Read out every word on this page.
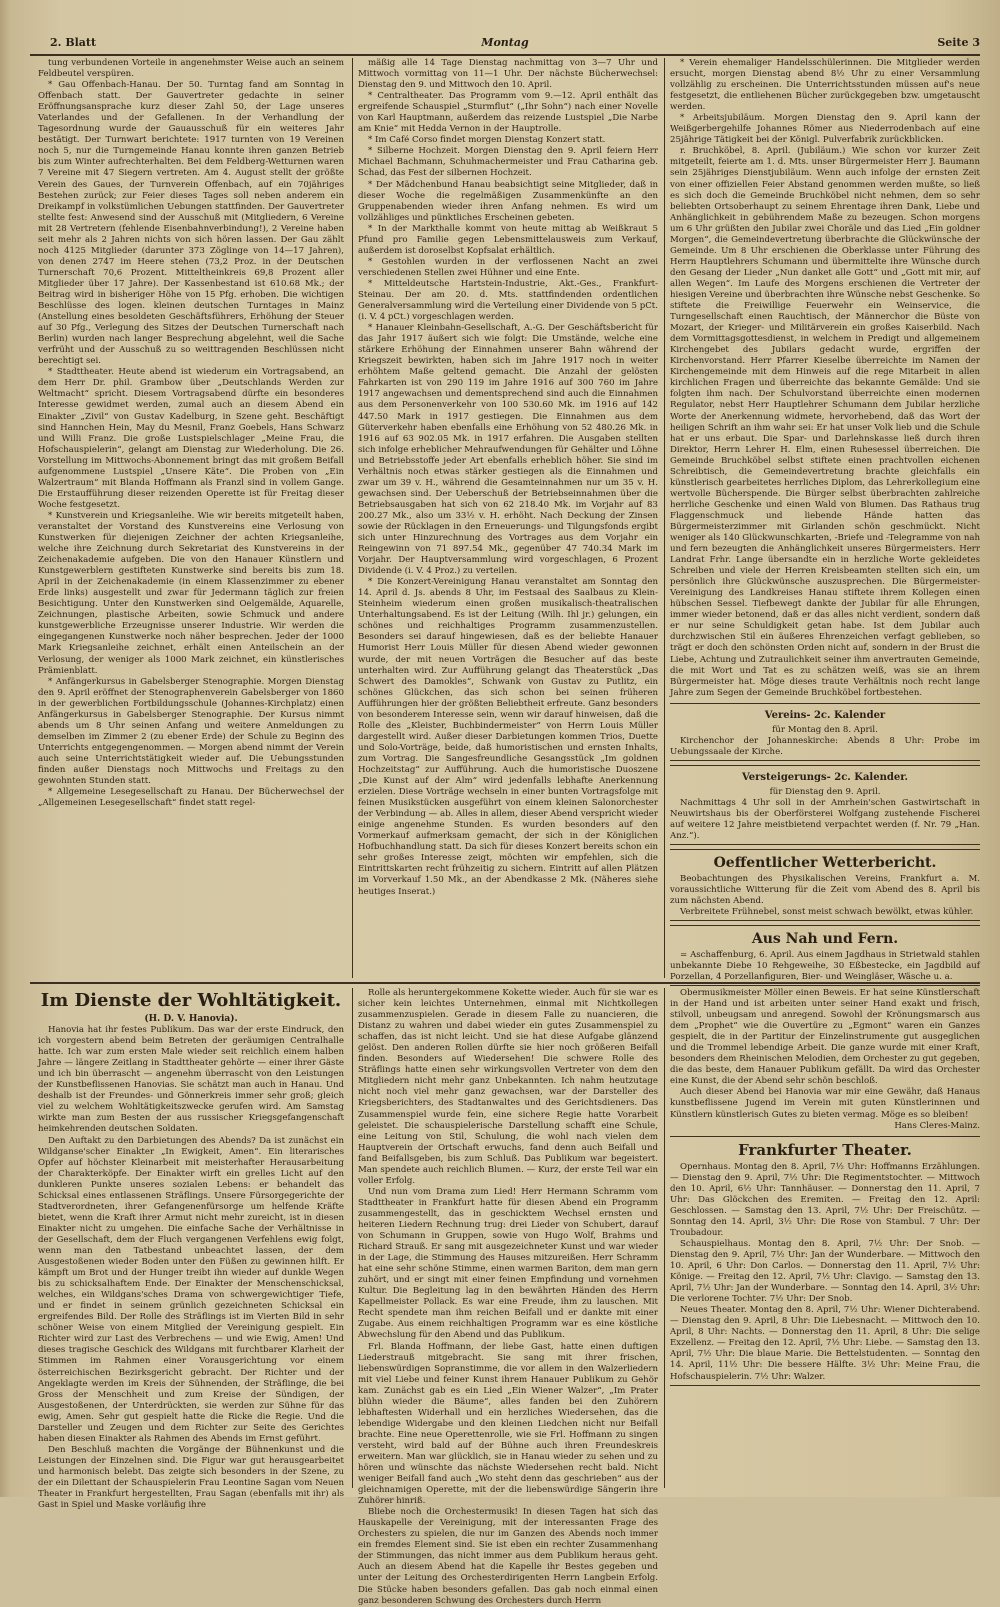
2. Blatt	Montag	Seite 3

tung verbundenen Vorteile in angenehmster Weise auch an seinem Feldbeutel verspüren.

* Gau Offenbach-Hanau. Der 50. Turntag fand am Sonntag in Offenbach statt. Der Gauvertreter gedachte in seiner Eröffnungsansprache kurz dieser Zahl 50, der Lage unseres Vaterlandes und der Gefallenen. In der Verhandlung der Tagesordnung wurde der Gauausschuß für ein weiteres Jahr bestätigt. Der Turnwart berichtete: 1917 turnten von 19 Vereinen noch 5, nur die Turngemeinde Hanau konnte ihren ganzen Betrieb bis zum Winter aufrechterhalten. Bei dem Feldberg-Wetturnen waren 7 Vereine mit 47 Siegern vertreten. Am 4. August stellt der größte Verein des Gaues, der Turnverein Offenbach, auf ein 70jähriges Bestehen zurück; zur Feier dieses Tages soll neben anderem ein Dreikampf in volkstümlichen Uebungen stattfinden. Der Gauvertreter stellte fest: Anwesend sind der Ausschuß mit (Mitgliedern, 6 Vereine mit 28 Vertretern (fehlende Eisenbahnverbindung!), 2 Vereine haben seit mehr als 2 Jahren nichts von sich hören lassen. Der Gau zählt noch 4125 Mitglieder (darunter 373 Zöglinge von 14—17 Jahren), von denen 2747 im Heere stehen (73,2 Proz. in der Deutschen Turnerschaft 70,6 Prozent. Mitteltheinkreis 69,8 Prozent aller Mitglieder über 17 Jahre). Der Kassenbestand ist 610.68 Mk.; der Beitrag wird in bisheriger Höhe von 15 Pfg. erhoben. Die wichtigen Beschlüsse des logen. kleinen deutschen Turntages in Mainz (Anstellung eines besoldeten Geschäftsführers, Erhöhung der Steuer auf 30 Pfg., Verlegung des Sitzes der Deutschen Turnerschaft nach Berlin) wurden nach langer Besprechung abgelehnt, weil die Sache verfrüht und der Ausschuß zu so weittragenden Beschlüssen nicht berechtigt sei.

* Stadttheater. Heute abend ist wiederum ein Vortragsabend, an dem Herr Dr. phil. Grambow über „Deutschlands Werden zur Weltmacht“ spricht. Diesem Vortragsabend dürfte ein besonderes Interesse gewidmet werden, zumal auch an diesem Abend ein Einakter „Zivil“ von Gustav Kadelburg, in Szene geht. Beschäftigt sind Hannchen Hein, May du Mesnil, Franz Goebels, Hans Schwarz und Willi Franz. Die große Lustspielschlager „Meine Frau, die Hofschauspielerin“, gelangt am Dienstag zur Wiederholung. Die 26. Vorstellung im Mittwochs-Abonnement bringt das mit großem Beifall aufgenommene Lustspiel „Unsere Käte“. Die Proben von „Ein Walzertraum“ mit Blanda Hoffmann als Franzl sind in vollem Gange. Die Erstaufführung dieser reizenden Operette ist für Freitag dieser Woche festgesetzt.

* Kunstverein und Kriegsanleihe. Wie wir bereits mitgeteilt haben, veranstaltet der Vorstand des Kunstvereins eine Verlosung von Kunstwerken für diejenigen Zeichner der achten Kriegsanleihe, welche ihre Zeichnung durch Sekretariat des Kunstvereins in der Zeichenakademie aufgeben. Die von den Hanauer Künstlern und Kunstgewerblern gestifteten Kunstwerke sind bereits bis zum 18. April in der Zeichenakademie (in einem Klassenzimmer zu ebener Erde links) ausgestellt und zwar für Jedermann täglich zur freien Besichtigung. Unter den Kunstwerken sind Oelgemälde, Aquarelle, Zeichnungen, plastische Arbeiten, sowie Schmuck und andere kunstgewerbliche Erzeugnisse unserer Industrie. Wir werden die eingegangenen Kunstwerke noch näher besprechen. Jeder der 1000 Mark Kriegsanleihe zeichnet, erhält einen Anteilschein an der Verlosung, der weniger als 1000 Mark zeichnet, ein künstlerisches Prämienblatt.

* Anfängerkursus in Gabelsberger Stenographie. Morgen Dienstag den 9. April eröffnet der Stenographenverein Gabelsberger von 1860 in der gewerblichen Fortbildungsschule (Johannes-Kirchplatz) einen Anfängerkursus in Gabelsberger Stenographie. Der Kursus nimmt abends um 8 Uhr seinen Anfang und weitere Anmeldungen zu demselben im Zimmer 2 (zu ebener Erde) der Schule zu Beginn des Unterrichts entgegengenommen. — Morgen abend nimmt der Verein auch seine Unterrichtstätigkeit wieder auf. Die Uebungsstunden finden außer Dienstags noch Mittwochs und Freitags zu den gewohnten Stunden statt.

* Allgemeine Lesegesellschaft zu Hanau. Der Bücherwechsel der „Allgemeinen Lesegesellschaft“ findet statt regel-

mäßig alle 14 Tage Dienstag nachmittag von 3—7 Uhr und Mittwoch vormittag von 11—1 Uhr. Der nächste Bücherwechsel: Dienstag den 9. und Mittwoch den 10. April.

* Centraltheater. Das Programm vom 9.—12. April enthält das ergreifende Schauspiel „Sturmflut“ („Ihr Sohn“) nach einer Novelle von Karl Hauptmann, außerdem das reizende Lustspiel „Die Narbe am Knie“ mit Hedda Vernon in der Hauptrolle.

* Im Café Corso findet morgen Dienstag Konzert statt.

* Silberne Hochzeit. Morgen Dienstag den 9. April feiern Herr Michael Bachmann, Schuhmachermeister und Frau Catharina geb. Schad, das Fest der silbernen Hochzeit.

* Der Mädchenbund Hanau beabsichtigt seine Mitglieder, daß in dieser Woche die regelmäßigen Zusammenkünfte an den Gruppenabenden wieder ihren Anfang nehmen. Es wird um vollzähliges und pünktliches Erscheinen gebeten.

* In der Markthalle kommt von heute mittag ab Weißkraut 5 Pfund pro Familie gegen Lebensmittelausweis zum Verkauf, außerdem ist doroselbst Kopfsalat erhältlich.

* Gestohlen wurden in der verflossenen Nacht an zwei verschiedenen Stellen zwei Hühner und eine Ente.

* Mitteldeutsche Hartstein-Industrie, Akt.-Ges., Frankfurt-Steinau. Der am 20. d. Mts. stattfindenden ordentlichen Generalversammlung wird die Verteilung einer Dividende von 5 pCt. (i. V. 4 pCt.) vorgeschlagen werden.

* Hanauer Kleinbahn-Gesellschaft, A.-G. Der Geschäftsbericht für das Jahr 1917 äußert sich wie folgt: Die Umstände, welche eine stärkere Erhöhung der Einnahmen unserer Bahn während der Kriegszeit bewirkten, haben sich im Jahre 1917 noch in weiter erhöhtem Maße geltend gemacht. Die Anzahl der gelösten Fahrkarten ist von 290 119 im Jahre 1916 auf 300 760 im Jahre 1917 angewachsen und dementsprechend sind auch die Einnahmen aus dem Personenverkehr von 100 530.60 Mk. im 1916 auf 142 447.50 Mark in 1917 gestiegen. Die Einnahmen aus dem Güterverkehr haben ebenfalls eine Erhöhung von 52 480.26 Mk. in 1916 auf 63 902.05 Mk. in 1917 erfahren. Die Ausgaben stellten sich infolge erheblicher Mehraufwendungen für Gehälter und Löhne und Betriebsstoffe jeder Art ebenfalls erheblich höher. Sie sind im Verhältnis noch etwas stärker gestiegen als die Einnahmen und zwar um 39 v. H., während die Gesamteinnahmen nur um 35 v. H. gewachsen sind. Der Ueberschuß der Betriebseinnahmen über die Betriebsausgaben hat sich von 62 218.40 Mk. im Vorjahr auf 83 200.27 Mk., also um 33½ v. H. erhöht. Nach Deckung der Zinsen sowie der Rücklagen in den Erneuerungs- und Tilgungsfonds ergibt sich unter Hinzurechnung des Vortrages aus dem Vorjahr ein Reingewinn von 71 897.54 Mk., gegenüber 47 740.34 Mark im Vorjahr. Der Hauptversammlung wird vorgeschlagen, 6 Prozent Dividende (i. V. 4 Proz.) zu verteilen.

* Die Konzert-Vereinigung Hanau veranstaltet am Sonntag den 14. April d. Js. abends 8 Uhr, im Festsaal des Saalbaus zu Klein-Steinheim wiederum einen großen musikalisch-theatralischen Unterhaltungsabend. Es ist der Leitung (Wilh. Ihl jr.) gelungen, ein schönes und reichhaltiges Programm zusammenzustellen. Besonders sei darauf hingewiesen, daß es der beliebte Hanauer Humorist Herr Louis Müller für diesen Abend wieder gewonnen wurde, der mit neuen Vorträgen die Besucher auf das beste unterhalten wird. Zur Aufführung gelangt das Theaterstück „Das Schwert des Damokles“, Schwank von Gustav zu Putlitz, ein schönes Glückchen, das sich schon bei seinen früheren Aufführungen hier der größten Beliebtheit erfreute. Ganz besonders von besonderem Interesse sein, wenn wir darauf hinweisen, daß die Rolle des „Kleister, Buchbindermeister“ von Herrn Louis Müller dargestellt wird. Außer dieser Darbietungen kommen Trios, Duette und Solo-Vorträge, beide, daß humoristischen und ernsten Inhalts, zum Vortrag. Die Sangesfreundliche Gesangsstück „Im goldnen Hochzeitstag“ zur Aufführung. Auch die humoristische Duoszene „Die Kunst auf der Alm“ wird jedenfalls lebhafte Anerkennung erzielen. Diese Vorträge wechseln in einer bunten Vortragsfolge mit feinen Musikstücken ausgeführt von einem kleinen Salonorchester der Verbindung — ab. Alles in allem, dieser Abend verspricht wieder einige angenehme Stunden. Es wurden besonders auf den Vormerkauf aufmerksam gemacht, der sich in der Königlichen Hofbuchhandlung statt. Da sich für dieses Konzert bereits schon ein sehr großes Interesse zeigt, möchten wir empfehlen, sich die Eintrittskarten recht frühzeitig zu sichern. Eintritt auf allen Plätzen im Vorverkauf 1.50 Mk., an der Abendkasse 2 Mk. (Näheres siehe heutiges Inserat.)

* Verein ehemaliger Handelsschülerinnen. Die Mitglieder werden ersucht, morgen Dienstag abend 8½ Uhr zu einer Versammlung vollzählig zu erscheinen. Die Unterrichtsstunden müssen auf's neue festgesetzt, die entliehenen Bücher zurückgegeben bzw. umgetauscht werden.

* Arbeitsjubiläum. Morgen Dienstag den 9. April kann der Weißgerbergehilfe Johannes Römer aus Niederrodenbach auf eine 25jährige Tätigkeit bei der Königl. Pulverfabrik zurückblicken.

r. Bruchköbel, 8. April. (Jubiläum.) Wie schon vor kurzer Zeit mitgeteilt, feierte am 1. d. Mts. unser Bürgermeister Herr J. Baumann sein 25jähriges Dienstjubiläum. Wenn auch infolge der ernsten Zeit von einer offiziellen Feier Abstand genommen werden mußte, so ließ es sich doch die Gemeinde Bruchköbel nicht nehmen, dem so sehr beliebten Ortsoberhaupt zu seinem Ehrentage ihren Dank, Liebe und Anhänglichkeit in gebührendem Maße zu bezeugen. Schon morgens um 6 Uhr grüßten den Jubilar zwei Choräle und das Lied „Ein goldner Morgen“, die Gemeindevertretung überbrachte die Glückwünsche der Gemeinde. Um 8 Uhr erschienen die Oberklasse unter Führung des Herrn Hauptlehrers Schumann und übermittelte ihre Wünsche durch den Gesang der Lieder „Nun danket alle Gott“ und „Gott mit mir, auf allen Wegen“. Im Laufe des Morgens erschienen die Vertreter der hiesigen Vereine und überbrachten ihre Wünsche nebst Geschenke. So stiftete die Freiwillige Feuerwehr ein Weinservice, die Turngesellschaft einen Rauchtisch, der Männerchor die Büste von Mozart, der Krieger- und Militärverein ein großes Kaiserbild. Nach dem Vormittagsgottesdienst, in welchem in Predigt und allgemeinem Kirchengebet des Jubilars gedacht wurde, ergriffen der Kirchenvorstand. Herr Pfarrer Kieselbe überreichte im Namen der Kirchengemeinde mit dem Hinweis auf die rege Mitarbeit in allen kirchlichen Fragen und überreichte das bekannte Gemälde: Und sie folgten ihm nach. Der Schulvorstand überreichte einen modernen Regulator, nebst Herr Hauptlehrer Schumann dem Jubilar herzliche Worte der Anerkennung widmete, hervorhebend, daß das Wort der heiligen Schrift an ihm wahr sei: Er hat unser Volk lieb und die Schule hat er uns erbaut. Die Spar- und Darlehnskasse ließ durch ihren Direktor, Herrn Lehrer H. Elm, einen Ruhesessel überreichen. Die Gemeinde Bruchköbel selbst stiftete einen prachtvollen eichenen Schreibtisch, die Gemeindevertretung brachte gleichfalls ein künstlerisch gearbeitetes herrliches Diplom, das Lehrerkollegium eine wertvolle Bücherspende. Die Bürger selbst überbrachten zahlreiche herrliche Geschenke und einen Wald von Blumen. Das Rathaus trug Flaggenschmuck und liebende Hände hatten das Bürgermeisterzimmer mit Girlanden schön geschmückt. Nicht weniger als 140 Glückwunschkarten, -Briefe und -Telegramme von nah und fern bezeugten die Anhänglichkeit unseres Bürgermeisters. Herr Landrat Frhr. Lange übersandte ein in herzliche Worte gekleidetes Schreiben und viele der Herren Kreisbeamten stellten sich ein, um persönlich ihre Glückwünsche auszusprechen. Die Bürgermeister-Vereinigung des Landkreises Hanau stiftete ihrem Kollegen einen hübschen Sessel. Tiefbewegt dankte der Jubilar für alle Ehrungen, immer wieder betonend, daß er das alles nicht verdient, sondern daß er nur seine Schuldigkeit getan habe. Ist dem Jubilar auch durchzwischen Stil ein äußeres Ehrenzeichen verfagt geblieben, so trägt er doch den schönsten Orden nicht auf, sondern in der Brust die Liebe, Achtung und Zutraulichkeit seiner ihm anvertrauten Gemeinde, die mit Wort und Tat es zu schätzen weiß, was sie an ihrem Bürgermeister hat. Möge dieses traute Verhältnis noch recht lange Jahre zum Segen der Gemeinde Bruchköbel fortbestehen.

Vereins- 2c. Kalender

für Montag den 8. April.

Kirchenchor der Johanneskirche: Abends 8 Uhr: Probe im Uebungssaale der Kirche.

Versteigerungs- 2c. Kalender.

für Dienstag den 9. April.

Nachmittags 4 Uhr soll in der Amrhein'schen Gastwirtschaft in Neuwirtshaus bis der Oberförsterei Wolfgang zustehende Fischerei auf weitere 12 Jahre meistbietend verpachtet werden (f. Nr. 79 „Han. Anz.“).

Oeffentlicher Wetterbericht.

Beobachtungen des Physikalischen Vereins, Frankfurt a. M. voraussichtliche Witterung für die Zeit vom Abend des 8. April bis zum nächsten Abend.

Verbreitete Frühnebel, sonst meist schwach bewölkt, etwas kühler.

Aus Nah und Fern.

= Aschaffenburg, 6. April. Aus einem Jagdhaus in Strietwald stahlen unbekannte Diebe 10 Rehgeweihe, 30 Eßbestecke, ein Jagdbild auf Porzellan, 4 Porzellanfiguren, Bier- und Weingläser, Wäsche u. a.

Im Dienste der Wohltätigkeit.

(H. D. V. Hanovia).

Hanovia hat ihr festes Publikum. Das war der erste Eindruck, den ich vorgestern abend beim Betreten der geräumigen Centralhalle hatte. Ich war zum ersten Male wieder seit reichlich einem halben Jahre — längere Zeitlang in Stadttheater gehörte — einer ihrer Gäste und ich bin überrascht — angenehm überrascht von den Leistungen der Kunstbeflissenen Hanovias. Sie schätzt man auch in Hanau. Und deshalb ist der Freundes- und Gönnerkreis immer sehr groß; gleich viel zu welchem Wohltätigkeitszwecke gerufen wird. Am Samstag wirkte man zum Besten der aus russischer Kriegsgefangenschaft heimkehrenden deutschen Soldaten.

Den Auftakt zu den Darbietungen des Abends? Da ist zunächst ein Wildganse'scher Einakter „In Ewigkeit, Amen“. Ein literarisches Opfer auf höchster Kleinarbeit mit meisterhafter Herausarbeitung der Charakterköpfe. Der Einakter wirft ein grelles Licht auf den dunkleren Punkte unseres sozialen Lebens: er behandelt das Schicksal eines entlassenen Sträflings. Unsere Fürsorgegerichte der Stadtverordneten, ihrer Gefangenenfürsorge um helfende Kräfte bietet, wenn die Kraft ihrer Armut nicht mehr zureicht, ist in diesen Einakter nicht zu umgehen. Die einfache Sache der Verhältnisse in der Gesellschaft, dem der Fluch vergangenen Verfehlens ewig folgt, wenn man den Tatbestand unbeachtet lassen, der dem Ausgestoßenen wieder Boden unter den Füßen zu gewinnen hilft. Er kämpft um Brot und der Hunger treibt ihn wieder auf dunkle Wegen bis zu schicksalhaftem Ende. Der Einakter der Menschenschicksal, welches, ein Wildgans'sches Drama von schwergewichtiger Tiefe, und er findet in seinem grünlich gezeichneten Schicksal ein ergreifendes Bild. Der Rolle des Sträflings ist im Vierten Bild in sehr schöner Weise von einem Mitglied der Vereinigung gespielt. Ein Richter wird zur Last des Verbrechens — und wie Ewig, Amen! Und dieses tragische Geschick des Wildgans mit furchtbarer Klarheit der Stimmen im Rahmen einer Vorausgerichtung vor einem österreichischen Bezirksgericht gebracht. Der Richter und der Angeklagte werden im Kreis der Sühnenden, der Sträflinge, die bei Gross der Menschheit und zum Kreise der Sündigen, der Ausgestoßenen, der Unterdrückten, sie werden zur Sühne für das ewig, Amen. Sehr gut gespielt hatte die Ricke die Regie. Und die Darsteller und Zeugen und dem Richter zur Seite des Gerichtes haben diesen Einakter als Rahmen des Abends im Ernst geführt.

Den Beschluß machten die Vorgänge der Bühnenkunst und die Leistungen der Einzelnen sind. Die Figur war gut herausgearbeitet und harmonisch belebt. Das zeigte sich besonders in der Szene, zu der ein Dilettant der Schauspielerin Frau Leontine Sagan vom Neuen Theater in Frankfurt hergestellten, Frau Sagan (ebenfalls mit ihr) als Gast in Spiel und Maske vorläufig ihre

Rolle als heruntergekommene Kokette wieder. Auch für sie war es sicher kein leichtes Unternehmen, einmal mit Nichtkollegen zusammenzuspielen. Gerade in diesem Falle zu nuancieren, die Distanz zu wahren und dabei wieder ein gutes Zusammenspiel zu schaffen, das ist nicht leicht. Und sie hat diese Aufgabe glänzend gelöst. Den anderen Rollen dürfte sie hier noch größeren Beifall finden. Besonders auf Wiedersehen! Die schwere Rolle des Sträflings hatte einen sehr wirkungsvollen Vertreter von dem den Mitgliedern nicht mehr ganz Unbekannten. Ich nahm heutzutage nicht noch viel mehr ganz gewachsen, war der Darsteller des Kriegsberichters, des Stadtanwaltes und des Gerichtsdieners. Das Zusammenspiel wurde fein, eine sichere Regie hatte Vorarbeit geleistet. Die schauspielerische Darstellung schafft eine Schule, eine Leitung von Stil, Schulung, die wohl nach vielen dem Hauptverein der Ortschaft erwuchs, fand denn auch Beifall und fand Beifallsgeben, bis zum Schluß. Das Publikum war begeistert. Man spendete auch reichlich Blumen. — Kurz, der erste Teil war ein voller Erfolg.

Und nun vom Drama zum Lied! Herr Hermann Schramm vom Stadttheater in Frankfurt hatte für diesen Abend ein Programm zusammengestellt, das in geschicktem Wechsel ernsten und heiteren Liedern Rechnung trug: drei Lieder von Schubert, darauf von Schumann in Gruppen, sowie von Hugo Wolf, Brahms und Richard Strauß. Er sang mit ausgezeichneter Kunst und war wieder in der Lage, die Stimmung des Hauses mitzureißen. Herr Schramm hat eine sehr schöne Stimme, einen warmen Bariton, dem man gern zuhört, und er singt mit einer feinen Empfindung und vornehmen Kultur. Die Begleitung lag in den bewährten Händen des Herrn Kapellmeister Pollack. Es war eine Freude, ihm zu lauschen. Mit Recht spendete man ihm reichen Beifall und er dankte mit einer Zugabe. Aus einem reichhaltigen Programm war es eine köstliche Abwechslung für den Abend und das Publikum.

Frl. Blanda Hoffmann, der liebe Gast, hatte einen duftigen Liederstrauß mitgebracht. Sie sang mit ihrer frischen, liebenswürdigen Sopranstimme, die vor allem in den Walzerliedern mit viel Liebe und feiner Kunst ihrem Hanauer Publikum zu Gehör kam. Zunächst gab es ein Lied „Ein Wiener Walzer“, „Im Prater blühn wieder die Bäume“, alles fanden bei den Zuhörern lebhaftesten Widerhall und ein herzliches Wiedersehen, das die lebendige Widergabe und den kleinen Liedchen nicht nur Beifall brachte. Eine neue Operettenrolle, wie sie Frl. Hoffmann zu singen versteht, wird bald auf der Bühne auch ihren Freundeskreis erweitern. Man war glücklich, sie in Hanau wieder zu sehen und zu hören und wünschte das nächste Wiedersehen recht bald. Nicht weniger Beifall fand auch „Wo steht denn das geschrieben“ aus der gleichnamigen Operette, mit der die liebenswürdige Sängerin ihre Zuhörer hinriß.

Bliebe noch die Orchestermusik! In diesen Tagen hat sich das Hauskapelle der Vereinigung, mit der interessanten Frage des Orchesters zu spielen, die nur im Ganzen des Abends noch immer ein fremdes Element sind. Sie ist eben ein rechter Zusammenhang der Stimmungen, das nicht immer aus dem Publikum heraus geht. Auch an diesem Abend hat die Kapelle ihr Bestes gegeben und unter der Leitung des Orchesterdirigenten Herrn Langbein Erfolg. Die Stücke haben besonders gefallen. Das gab noch einmal einen ganz besonderen Schwung des Orchesters durch Herrn

Obermusikmeister Möller einen Beweis. Er hat seine Künstlerschaft in der Hand und ist arbeiten unter seiner Hand exakt und frisch, stilvoll, unbeugsam und anregend. Sowohl der Krönungsmarsch aus dem „Prophet“ wie die Ouvertüre zu „Egmont“ waren ein Ganzes gespielt, die in der Partitur der Einzelinstrumente gut ausgeglichen und die Trommel lebendige Arbeit. Die ganze wurde mit einer Kraft, besonders dem Rheinischen Melodien, dem Orchester zu gut gegeben, die das beste, dem Hanauer Publikum gefällt. Da wird das Orchester eine Kunst, die der Abend sehr schön beschloß.

Auch dieser Abend bei Hanovia war mir eine Gewähr, daß Hanaus kunstbeflissene Jugend im Verein mit guten Künstlerinnen und Künstlern künstlerisch Gutes zu bieten vermag. Möge es so bleiben!

Hans Cleres-Mainz.

Frankfurter Theater.

Opernhaus. Montag den 8. April, 7½ Uhr: Hoffmanns Erzählungen. — Dienstag den 9. April, 7½ Uhr: Die Regimentstochter. — Mittwoch den 10. April, 6½ Uhr: Tannhäuser. — Donnerstag den 11. April, 7 Uhr: Das Glöckchen des Eremiten. — Freitag den 12. April: Geschlossen. — Samstag den 13. April, 7½ Uhr: Der Freischütz. — Sonntag den 14. April, 3½ Uhr: Die Rose von Stambul. 7 Uhr: Der Troubadour.

Schauspielhaus. Montag den 8. April, 7½ Uhr: Der Snob. — Dienstag den 9. April, 7½ Uhr: Jan der Wunderbare. — Mittwoch den 10. April, 6 Uhr: Don Carlos. — Donnerstag den 11. April, 7½ Uhr: Könige. — Freitag den 12. April, 7½ Uhr: Clavigo. — Samstag den 13. April, 7½ Uhr: Jan der Wunderbare. — Sonntag den 14. April, 3½ Uhr: Die verlorene Tochter. 7½ Uhr: Der Snob.

Neues Theater. Montag den 8. April, 7½ Uhr: Wiener Dichterabend. — Dienstag den 9. April, 8 Uhr: Die Liebesnacht. — Mittwoch den 10. April, 8 Uhr: Nachts. — Donnerstag den 11. April, 8 Uhr: Die selige Exzellenz. — Freitag den 12. April, 7½ Uhr: Liebe. — Samstag den 13. April, 7½ Uhr: Die blaue Marie. Die Bettelstudenten. — Sonntag den 14. April, 11½ Uhr: Die bessere Hälfte. 3½ Uhr: Meine Frau, die Hofschauspielerin. 7½ Uhr: Walzer.
